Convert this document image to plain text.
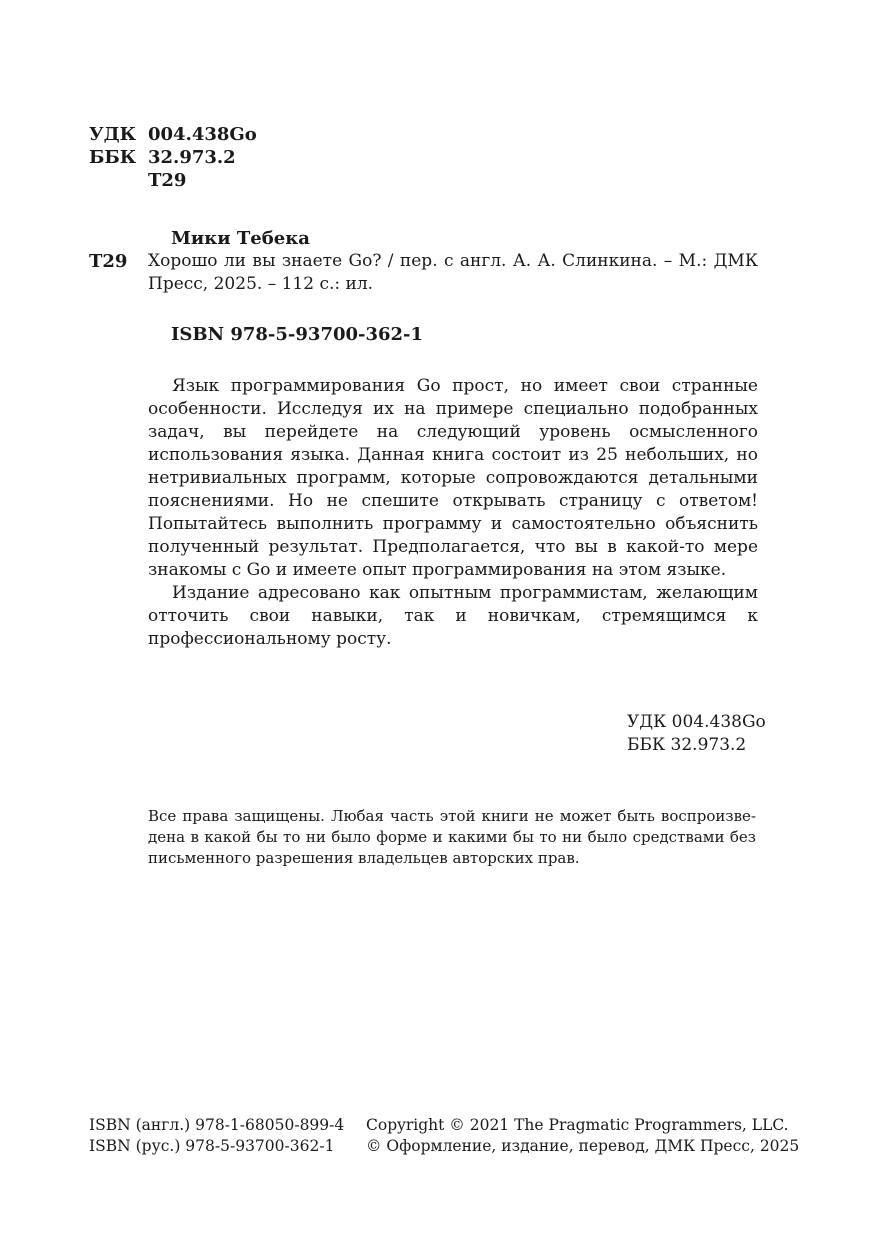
УДК 004.438Go
ББК 32.973.2
Т29
Мики Тебека
Т29 Хорошо ли вы знаете Go? / пер. с англ. А. А. Слинкина. – М.: ДМК Пресс, 2025. – 112 с.: ил.
ISBN 978-5-93700-362-1

Язык программирования Go прост, но имеет свои странные особенности. Исследуя их на примере специально подобранных задач, вы перейдете на следующий уровень осмысленного использования языка. Данная книга состоит из 25 небольших, но нетривиальных программ, которые сопровождаются детальными пояснениями. Но не спешите открывать страницу с ответом! Попытайтесь выполнить программу и самостоятельно объяснить полученный результат. Предполагается, что вы в какой-то мере знакомы с Go и имеете опыт программирования на этом языке.

Издание адресовано как опытным программистам, желающим отточить свои навыки, так и новичкам, стремящимся к профессиональному росту.

УДК 004.438Go
ББК 32.973.2
Все права защищены. Любая часть этой книги не может быть воспроизведена в какой бы то ни было форме и какими бы то ни было средствами без письменного разрешения владельцев авторских прав.
ISBN (англ.) 978-1-68050-899-4
ISBN (рус.) 978-5-93700-362-1
Copyright © 2021 The Pragmatic Programmers, LLC.
© Оформление, издание, перевод, ДМК Пресс, 2025
